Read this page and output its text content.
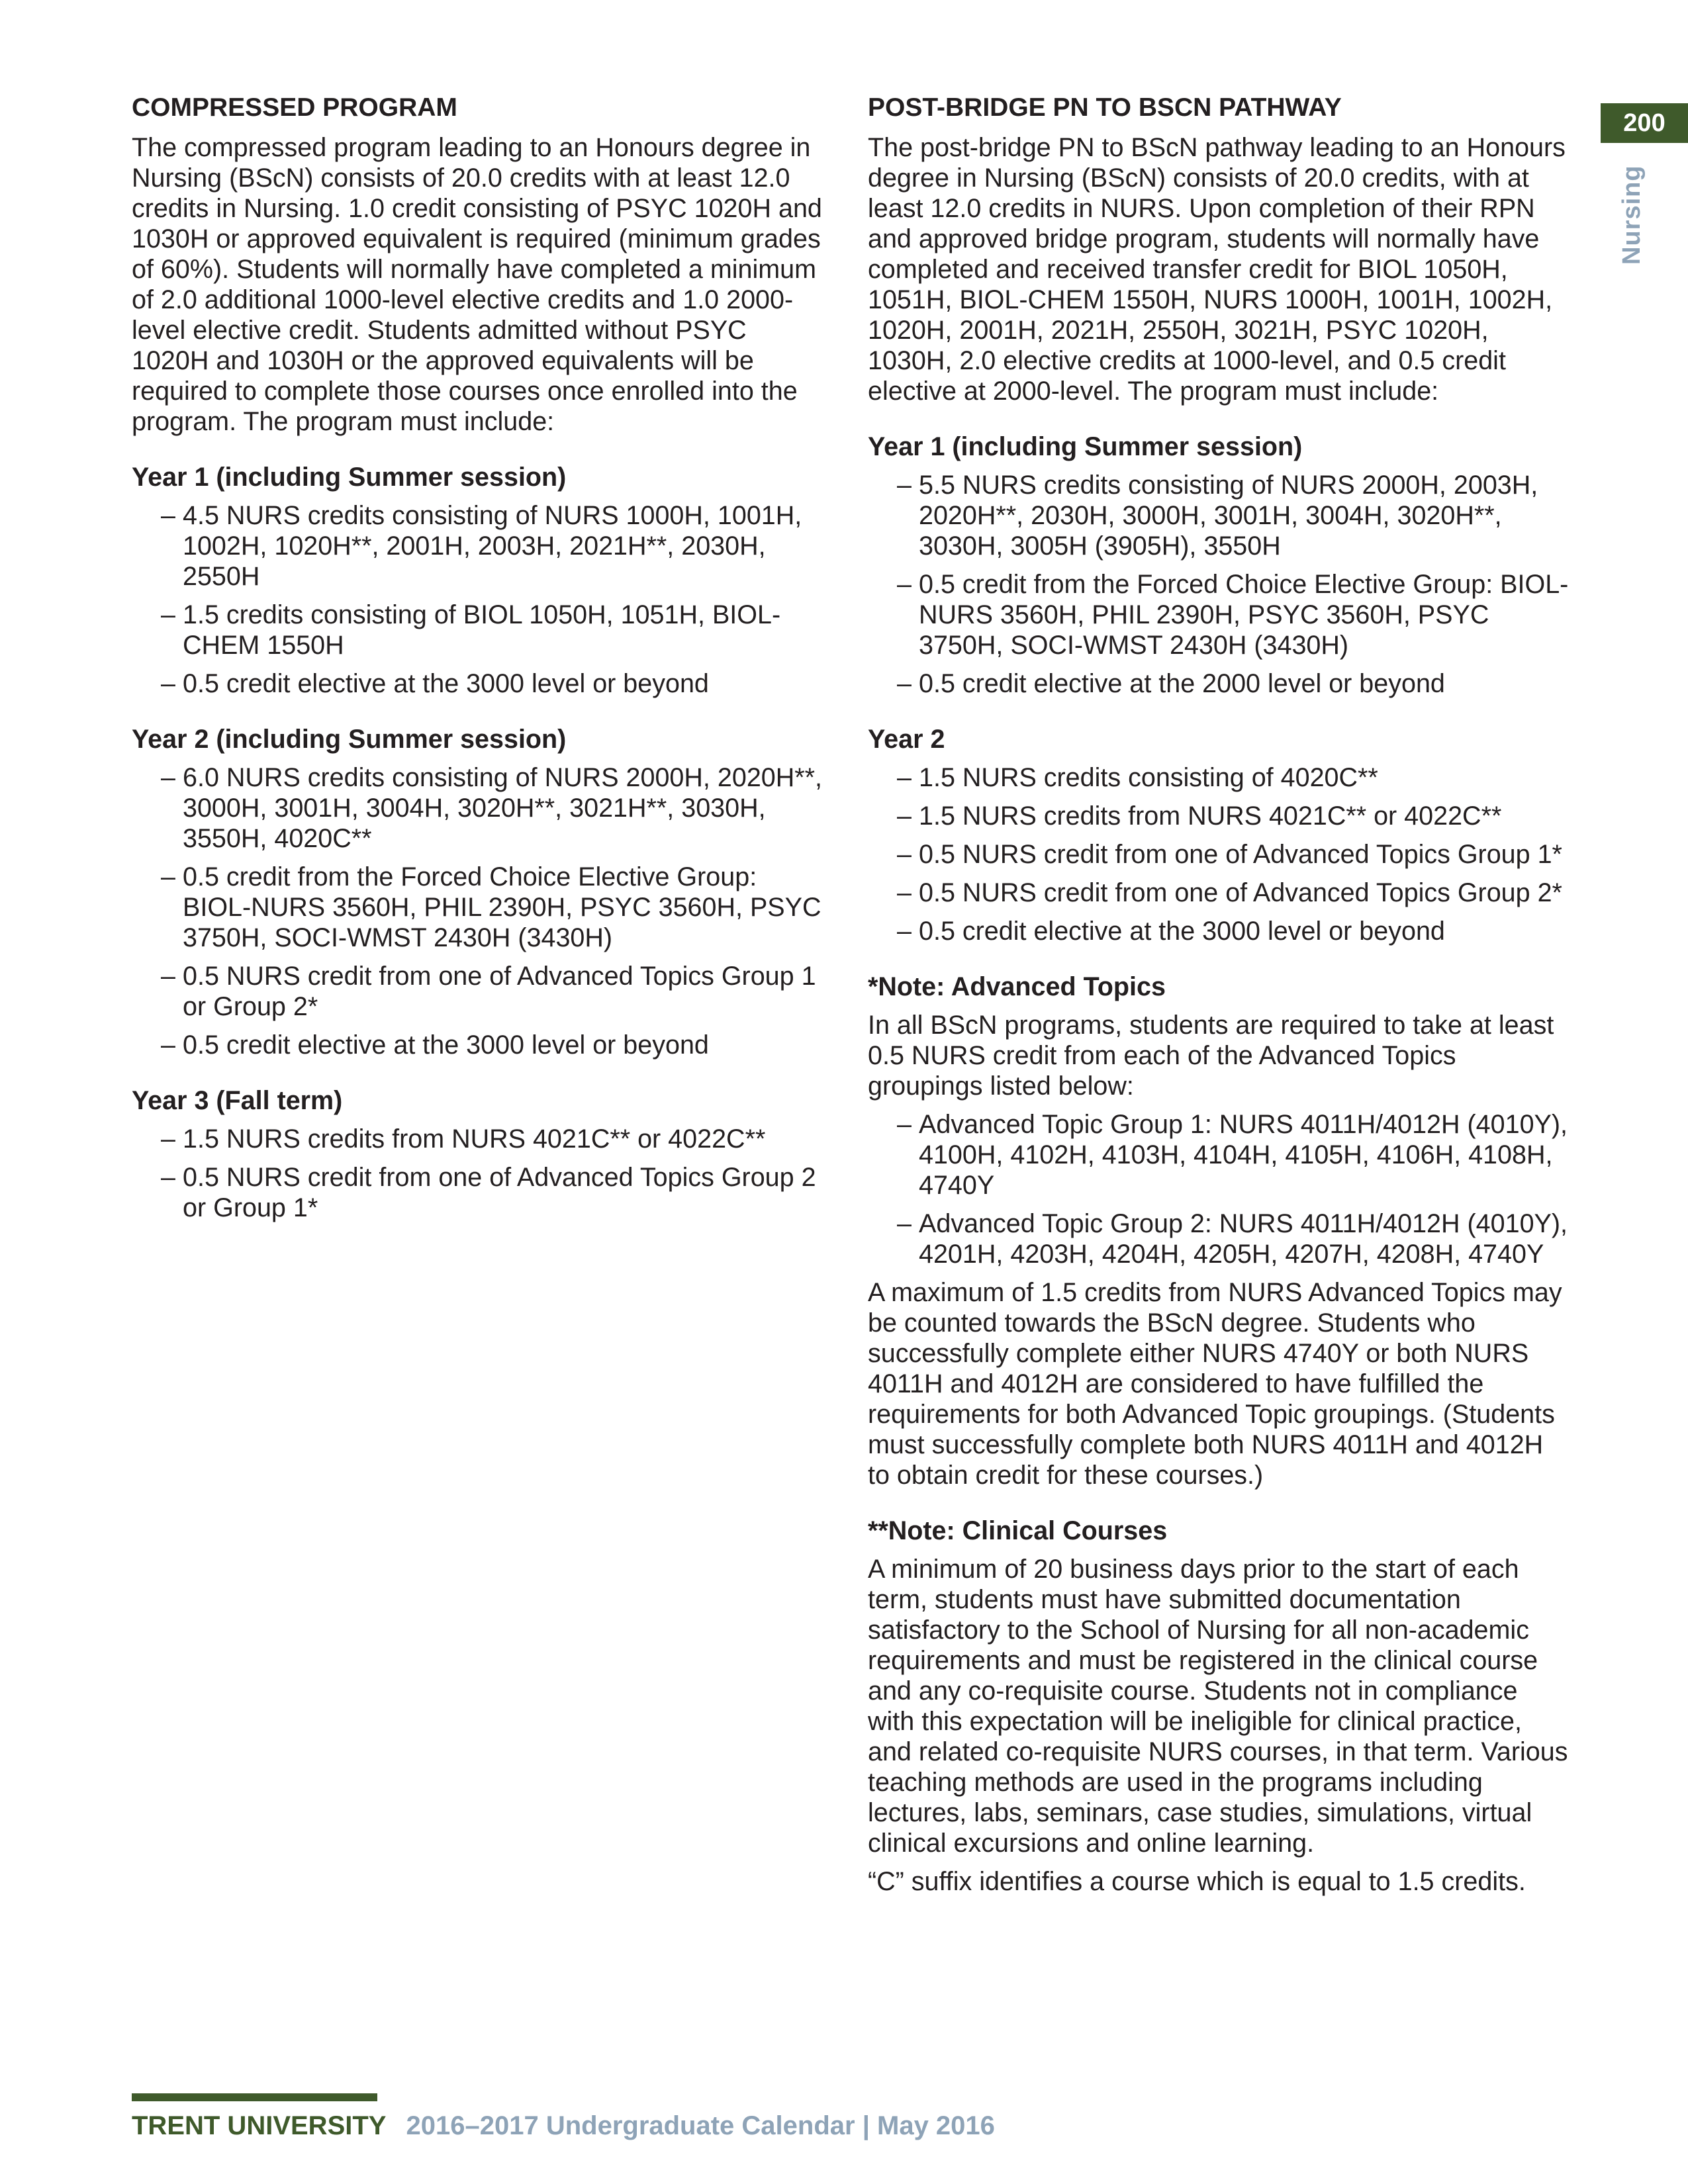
COMPRESSED PROGRAM

The compressed program leading to an Honours degree in Nursing (BScN) consists of 20.0 credits with at least 12.0 credits in Nursing. 1.0 credit consisting of PSYC 1020H and 1030H or approved equivalent is required (minimum grades of 60%). Students will normally have completed a minimum of 2.0 additional 1000-level elective credits and 1.0 2000-level elective credit. Students admitted without PSYC 1020H and 1030H or the approved equivalents will be required to complete those courses once enrolled into the program. The program must include:

Year 1 (including Summer session)
– 4.5 NURS credits consisting of NURS 1000H, 1001H, 1002H, 1020H**, 2001H, 2003H, 2021H**, 2030H, 2550H
– 1.5 credits consisting of BIOL 1050H, 1051H, BIOL-CHEM 1550H
– 0.5 credit elective at the 3000 level or beyond
Year 2 (including Summer session)
– 6.0 NURS credits consisting of NURS 2000H, 2020H**, 3000H, 3001H, 3004H, 3020H**, 3021H**, 3030H, 3550H, 4020C**
– 0.5 credit from the Forced Choice Elective Group: BIOL-NURS 3560H, PHIL 2390H, PSYC 3560H, PSYC 3750H, SOCI-WMST 2430H (3430H)
– 0.5 NURS credit from one of Advanced Topics Group 1 or Group 2*
– 0.5 credit elective at the 3000 level or beyond
Year 3 (Fall term)
– 1.5 NURS credits from NURS 4021C** or 4022C**
– 0.5 NURS credit from one of Advanced Topics Group 2 or Group 1*
POST-BRIDGE PN TO BSCN PATHWAY

The post-bridge PN to BScN pathway leading to an Honours degree in Nursing (BScN) consists of 20.0 credits, with at least 12.0 credits in NURS. Upon completion of their RPN and approved bridge program, students will normally have completed and received transfer credit for BIOL 1050H, 1051H, BIOL-CHEM 1550H, NURS 1000H, 1001H, 1002H, 1020H, 2001H, 2021H, 2550H, 3021H, PSYC 1020H, 1030H, 2.0 elective credits at 1000-level, and 0.5 credit elective at 2000-level. The program must include:

Year 1 (including Summer session)
– 5.5 NURS credits consisting of NURS 2000H, 2003H, 2020H**, 2030H, 3000H, 3001H, 3004H, 3020H**, 3030H, 3005H (3905H), 3550H
– 0.5 credit from the Forced Choice Elective Group: BIOL-NURS 3560H, PHIL 2390H, PSYC 3560H, PSYC 3750H, SOCI-WMST 2430H (3430H)
– 0.5 credit elective at the 2000 level or beyond
Year 2
– 1.5 NURS credits consisting of 4020C**
– 1.5 NURS credits from NURS 4021C** or 4022C**
– 0.5 NURS credit from one of Advanced Topics Group 1*
– 0.5 NURS credit from one of Advanced Topics Group 2*
– 0.5 credit elective at the 3000 level or beyond
*Note: Advanced Topics

In all BScN programs, students are required to take at least 0.5 NURS credit from each of the Advanced Topics groupings listed below:

– Advanced Topic Group 1: NURS 4011H/4012H (4010Y), 4100H, 4102H, 4103H, 4104H, 4105H, 4106H, 4108H, 4740Y
– Advanced Topic Group 2: NURS 4011H/4012H (4010Y), 4201H, 4203H, 4204H, 4205H, 4207H, 4208H, 4740Y

A maximum of 1.5 credits from NURS Advanced Topics may be counted towards the BScN degree. Students who successfully complete either NURS 4740Y or both NURS 4011H and 4012H are considered to have fulfilled the requirements for both Advanced Topic groupings. (Students must successfully complete both NURS 4011H and 4012H to obtain credit for these courses.)

**Note: Clinical Courses

A minimum of 20 business days prior to the start of each term, students must have submitted documentation satisfactory to the School of Nursing for all non-academic requirements and must be registered in the clinical course and any co-requisite course. Students not in compliance with this expectation will be ineligible for clinical practice, and related co-requisite NURS courses, in that term. Various teaching methods are used in the programs including lectures, labs, seminars, case studies, simulations, virtual clinical excursions and online learning.

“C” suffix identifies a course which is equal to 1.5 credits.

200
Nursing
TRENT UNIVERSITY 2016–2017 Undergraduate Calendar | May 2016
